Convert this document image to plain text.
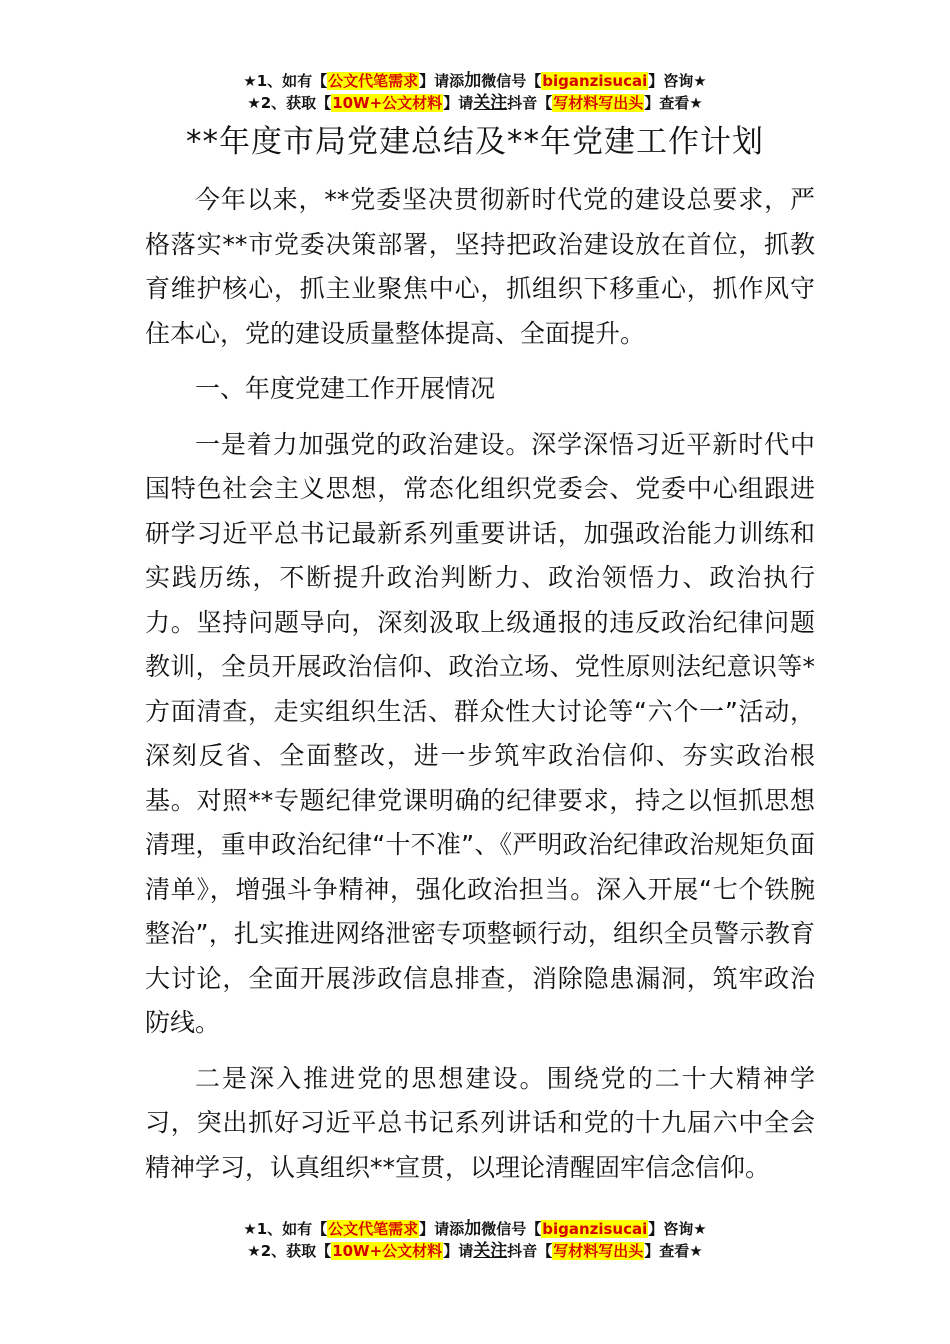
★1、如有【公文代笔需求】请添加微信号【biganzisucai】咨询★
★2、获取【10W+公文材料】请关注抖音【写材料写出头】查看★
**年度市局党建总结及**年党建工作计划

今年以来，**党委坚决贯彻新时代党的建设总要求，严格落实**市党委决策部署，坚持把政治建设放在首位，抓教育维护核心，抓主业聚焦中心，抓组织下移重心，抓作风守住本心，党的建设质量整体提高、全面提升。

一、年度党建工作开展情况

一是着力加强党的政治建设。深学深悟习近平新时代中国特色社会主义思想，常态化组织党委会、党委中心组跟进研学习近平总书记最新系列重要讲话，加强政治能力训练和实践历练，不断提升政治判断力、政治领悟力、政治执行力。坚持问题导向，深刻汲取上级通报的违反政治纪律问题教训，全员开展政治信仰、政治立场、党性原则法纪意识等*方面清查，走实组织生活、群众性大讨论等“六个一”活动，深刻反省、全面整改，进一步筑牢政治信仰、夯实政治根基。对照**专题纪律党课明确的纪律要求，持之以恒抓思想清理，重申政治纪律“十不准”、《严明政治纪律政治规矩负面清单》，增强斗争精神，强化政治担当。深入开展“七个铁腕整治”，扎实推进网络泄密专项整顿行动，组织全员警示教育大讨论，全面开展涉政信息排查，消除隐患漏洞，筑牢政治防线。

二是深入推进党的思想建设。围绕党的二十大精神学习，突出抓好习近平总书记系列讲话和党的十九届六中全会精神学习，认真组织**宣贯，以理论清醒固牢信念信仰。

★1、如有【公文代笔需求】请添加微信号【biganzisucai】咨询★
★2、获取【10W+公文材料】请关注抖音【写材料写出头】查看★
